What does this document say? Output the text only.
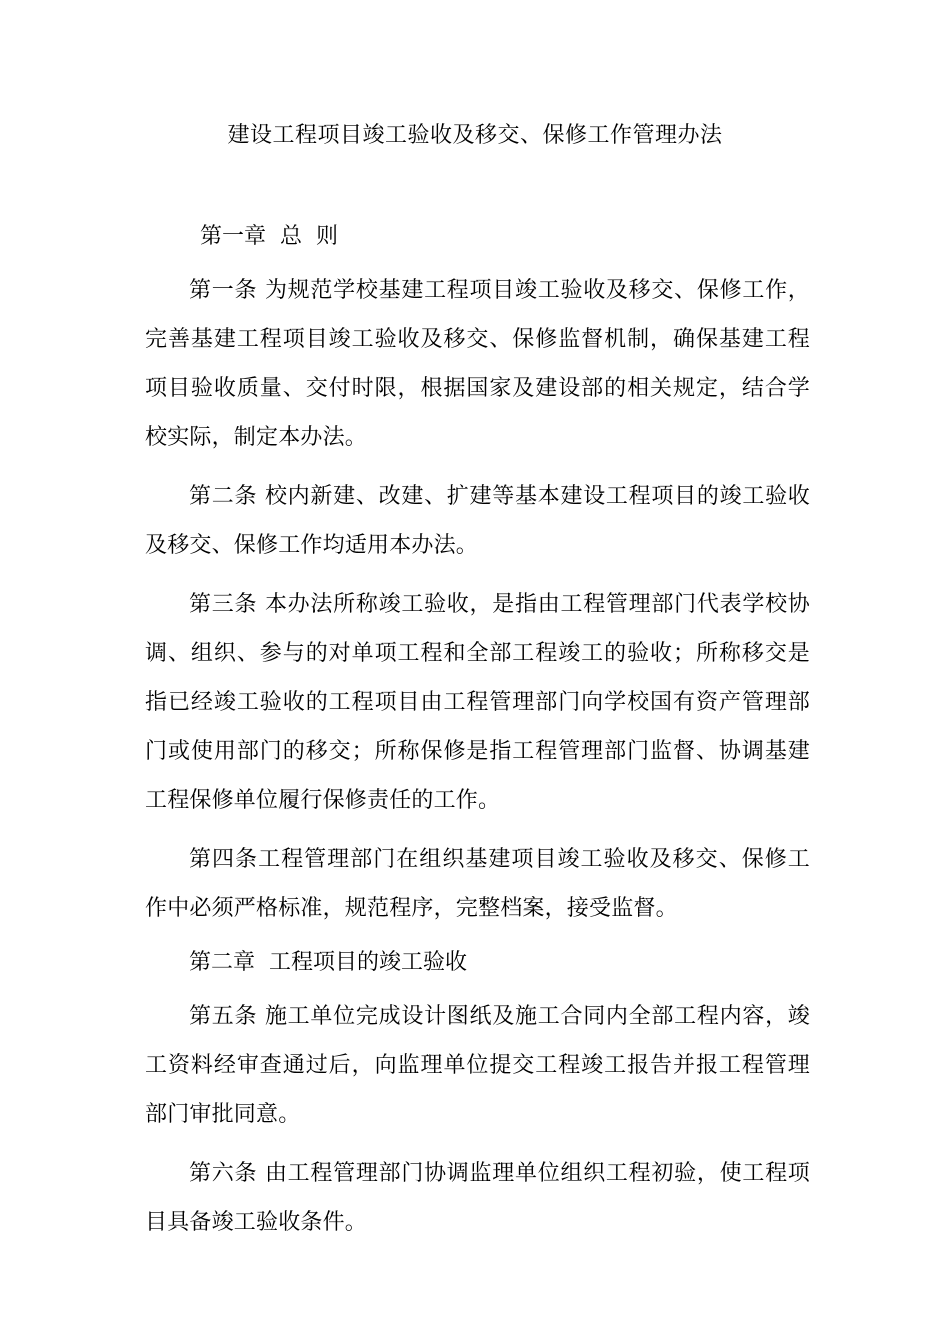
建设工程项目竣工验收及移交、保修工作管理办法

第一章  总  则

第一条 为规范学校基建工程项目竣工验收及移交、保修工作，完善基建工程项目竣工验收及移交、保修监督机制，确保基建工程项目验收质量、交付时限，根据国家及建设部的相关规定，结合学校实际，制定本办法。

第二条 校内新建、改建、扩建等基本建设工程项目的竣工验收及移交、保修工作均适用本办法。

第三条 本办法所称竣工验收，是指由工程管理部门代表学校协调、组织、参与的对单项工程和全部工程竣工的验收；所称移交是指已经竣工验收的工程项目由工程管理部门向学校国有资产管理部门或使用部门的移交；所称保修是指工程管理部门监督、协调基建工程保修单位履行保修责任的工作。

第四条工程管理部门在组织基建项目竣工验收及移交、保修工作中必须严格标准，规范程序，完整档案，接受监督。

第二章  工程项目的竣工验收

第五条 施工单位完成设计图纸及施工合同内全部工程内容，竣工资料经审查通过后，向监理单位提交工程竣工报告并报工程管理部门审批同意。

第六条 由工程管理部门协调监理单位组织工程初验，使工程项目具备竣工验收条件。
